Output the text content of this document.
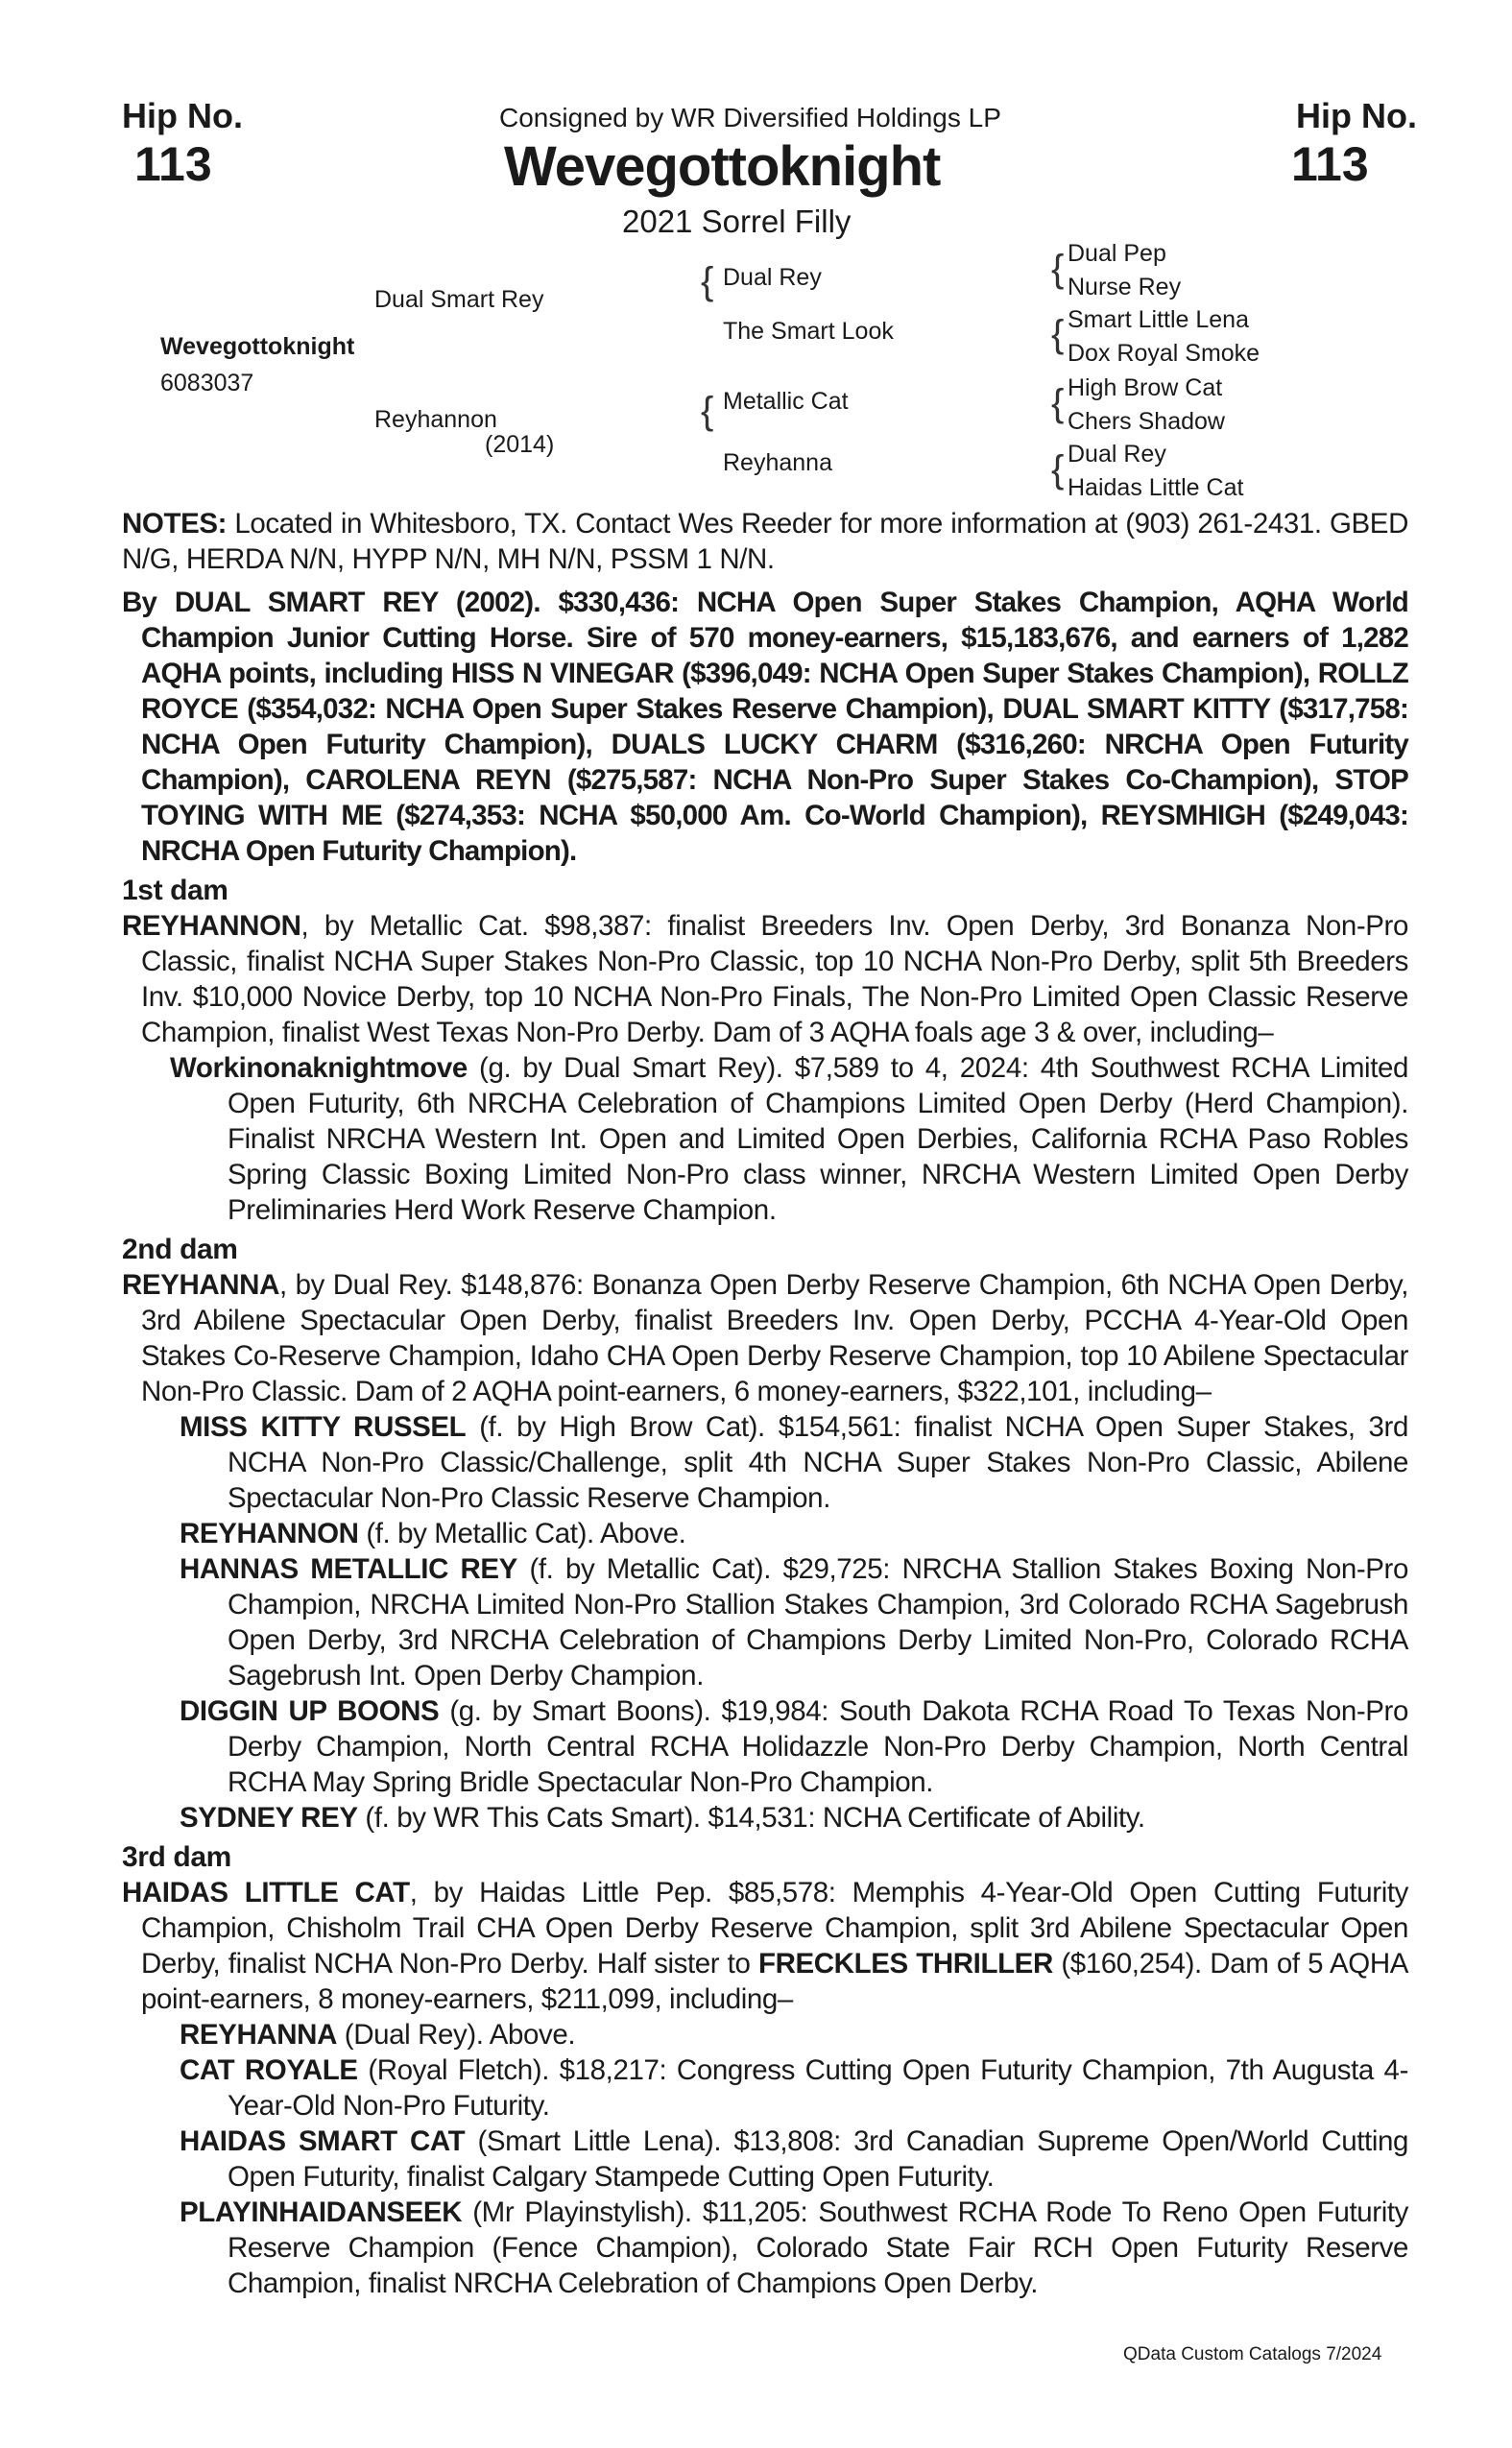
Hip No.
113
Hip No.
113
Consigned by WR Diversified Holdings LP
Wevegottoknight
2021 Sorrel Filly
Wevegottoknight
6083037
Dual Smart Rey
Reyhannon
(2014)
{ Dual Rey
The Smart Look
{ Metallic Cat
Reyhanna
{ Dual Pep
Nurse Rey
{ Smart Little Lena
Dox Royal Smoke
{ High Brow Cat
Chers Shadow
{ Dual Rey
Haidas Little Cat

NOTES: Located in Whitesboro, TX. Contact Wes Reeder for more information at (903) 261-2431. GBED N/G, HERDA N/N, HYPP N/N, MH N/N, PSSM 1 N/N.

By DUAL SMART REY (2002). $330,436: NCHA Open Super Stakes Champion, AQHA World Champion Junior Cutting Horse. Sire of 570 money-earners, $15,183,676, and earners of 1,282 AQHA points, including HISS N VINEGAR ($396,049: NCHA Open Super Stakes Champion), ROLLZ ROYCE ($354,032: NCHA Open Super Stakes Reserve Champion), DUAL SMART KITTY ($317,758: NCHA Open Futurity Champion), DUALS LUCKY CHARM ($316,260: NRCHA Open Futurity Champion), CAROLENA REYN ($275,587: NCHA Non-Pro Super Stakes Co-Champion), STOP TOYING WITH ME ($274,353: NCHA $50,000 Am. Co-World Champion), REYSMHIGH ($249,043: NRCHA Open Futurity Champion).

1st dam

REYHANNON, by Metallic Cat. $98,387: finalist Breeders Inv. Open Derby, 3rd Bonanza Non-Pro Classic, finalist NCHA Super Stakes Non-Pro Classic, top 10 NCHA Non-Pro Derby, split 5th Breeders Inv. $10,000 Novice Derby, top 10 NCHA Non-Pro Finals, The Non-Pro Limited Open Classic Reserve Champion, finalist West Texas Non-Pro Derby. Dam of 3 AQHA foals age 3 & over, including–

Workinonaknightmove (g. by Dual Smart Rey). $7,589 to 4, 2024: 4th Southwest RCHA Limited Open Futurity, 6th NRCHA Celebration of Champions Limited Open Derby (Herd Champion). Finalist NRCHA Western Int. Open and Limited Open Derbies, California RCHA Paso Robles Spring Classic Boxing Limited Non-Pro class winner, NRCHA Western Limited Open Derby Preliminaries Herd Work Reserve Champion.

2nd dam

REYHANNA, by Dual Rey. $148,876: Bonanza Open Derby Reserve Champion, 6th NCHA Open Derby, 3rd Abilene Spectacular Open Derby, finalist Breeders Inv. Open Derby, PCCHA 4-Year-Old Open Stakes Co-Reserve Champion, Idaho CHA Open Derby Reserve Champion, top 10 Abilene Spectacular Non-Pro Classic. Dam of 2 AQHA point-earners, 6 money-earners, $322,101, including–

MISS KITTY RUSSEL (f. by High Brow Cat). $154,561: finalist NCHA Open Super Stakes, 3rd NCHA Non-Pro Classic/Challenge, split 4th NCHA Super Stakes Non-Pro Classic, Abilene Spectacular Non-Pro Classic Reserve Champion.

REYHANNON (f. by Metallic Cat). Above.

HANNAS METALLIC REY (f. by Metallic Cat). $29,725: NRCHA Stallion Stakes Boxing Non-Pro Champion, NRCHA Limited Non-Pro Stallion Stakes Champion, 3rd Colorado RCHA Sagebrush Open Derby, 3rd NRCHA Celebration of Champions Derby Limited Non-Pro, Colorado RCHA Sagebrush Int. Open Derby Champion.

DIGGIN UP BOONS (g. by Smart Boons). $19,984: South Dakota RCHA Road To Texas Non-Pro Derby Champion, North Central RCHA Holidazzle Non-Pro Derby Champion, North Central RCHA May Spring Bridle Spectacular Non-Pro Champion.

SYDNEY REY (f. by WR This Cats Smart). $14,531: NCHA Certificate of Ability.

3rd dam

HAIDAS LITTLE CAT, by Haidas Little Pep. $85,578: Memphis 4-Year-Old Open Cutting Futurity Champion, Chisholm Trail CHA Open Derby Reserve Champion, split 3rd Abilene Spectacular Open Derby, finalist NCHA Non-Pro Derby. Half sister to FRECKLES THRILLER ($160,254). Dam of 5 AQHA point-earners, 8 money-earners, $211,099, including–

REYHANNA (Dual Rey). Above.

CAT ROYALE (Royal Fletch). $18,217: Congress Cutting Open Futurity Champion, 7th Augusta 4-Year-Old Non-Pro Futurity.

HAIDAS SMART CAT (Smart Little Lena). $13,808: 3rd Canadian Supreme Open/World Cutting Open Futurity, finalist Calgary Stampede Cutting Open Futurity.

PLAYINHAIDANSEEK (Mr Playinstylish). $11,205: Southwest RCHA Rode To Reno Open Futurity Reserve Champion (Fence Champion), Colorado State Fair RCH Open Futurity Reserve Champion, finalist NRCHA Celebration of Champions Open Derby.

QData Custom Catalogs 7/2024
